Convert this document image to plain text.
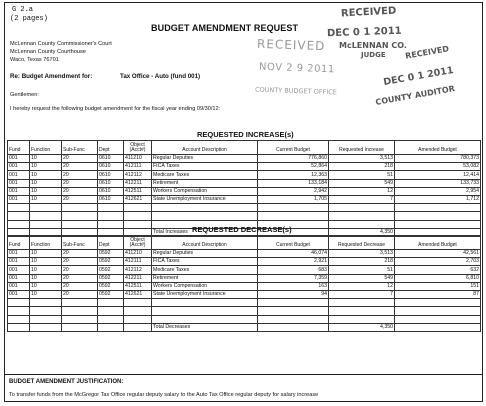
G 2.a
(2 pages)
BUDGET AMENDMENT REQUEST
McLennan County Commissioner's Court
McLennan County Courthouse
Waco, Texas 76701
Re: Budget Amendment for:	Tax Office - Auto (fund 001)
Gentlemen:
I hereby request the following budget amendment for the fiscal year ending 09/30/12:
RECEIVED
DEC 0 1 2011
McLENNAN CO.
JUDGE
RECEIVED
NOV 2 9 2011
COUNTY BUDGET OFFICE
RECEIVED
DEC 0 1 2011
COUNTY AUDITOR
REQUESTED INCREASE(s)
Fund	Function	Sub-Func	Dept	Object (Acct#)	Account Description	Current Budget	Requested Increase	Amended Budget
001	10	20	0610	411210	Regular Deputies	776,860	3,513	780,373
001	10	20	0610	412111	FICA Taxes	52,864	218	53,082
001	10	20	0610	412112	Medicare Taxes	12,363	51	12,414
001	10	20	0610	412211	Retirement	133,184	549	133,733
001	10	20	0610	412511	Workers Compensation	2,942	12	2,954
001	10	20	0610	412621	State Unemployment Insurance	1,705	7	1,712

					Total Increases		4,350	
REQUESTED DECREASE(s)
Fund	Function	Sub-Func	Dept	Object (Acct#)	Account Description	Current Budget	Requested Decrease	Amended Budget
001	10	20	0592	411210	Regular Deputies	46,074	3,513	42,561
001	10	20	0592	412111	FICA Taxes	2,921	218	2,703
001	10	20	0592	412112	Medicare Taxes	683	51	632
001	10	20	0592	412211	Retirement	7,359	549	6,810
001	10	20	0592	412511	Workers Compensation	163	12	151
001	10	20	0592	412621	State Unemployment Insurance	94	7	87

					Total Decreases		4,350	
BUDGET AMENDMENT JUSTIFICATION:
To transfer funds from the McGregor Tax Office regular deputy salary to the Auto Tax Office regular deputy for salary increase
